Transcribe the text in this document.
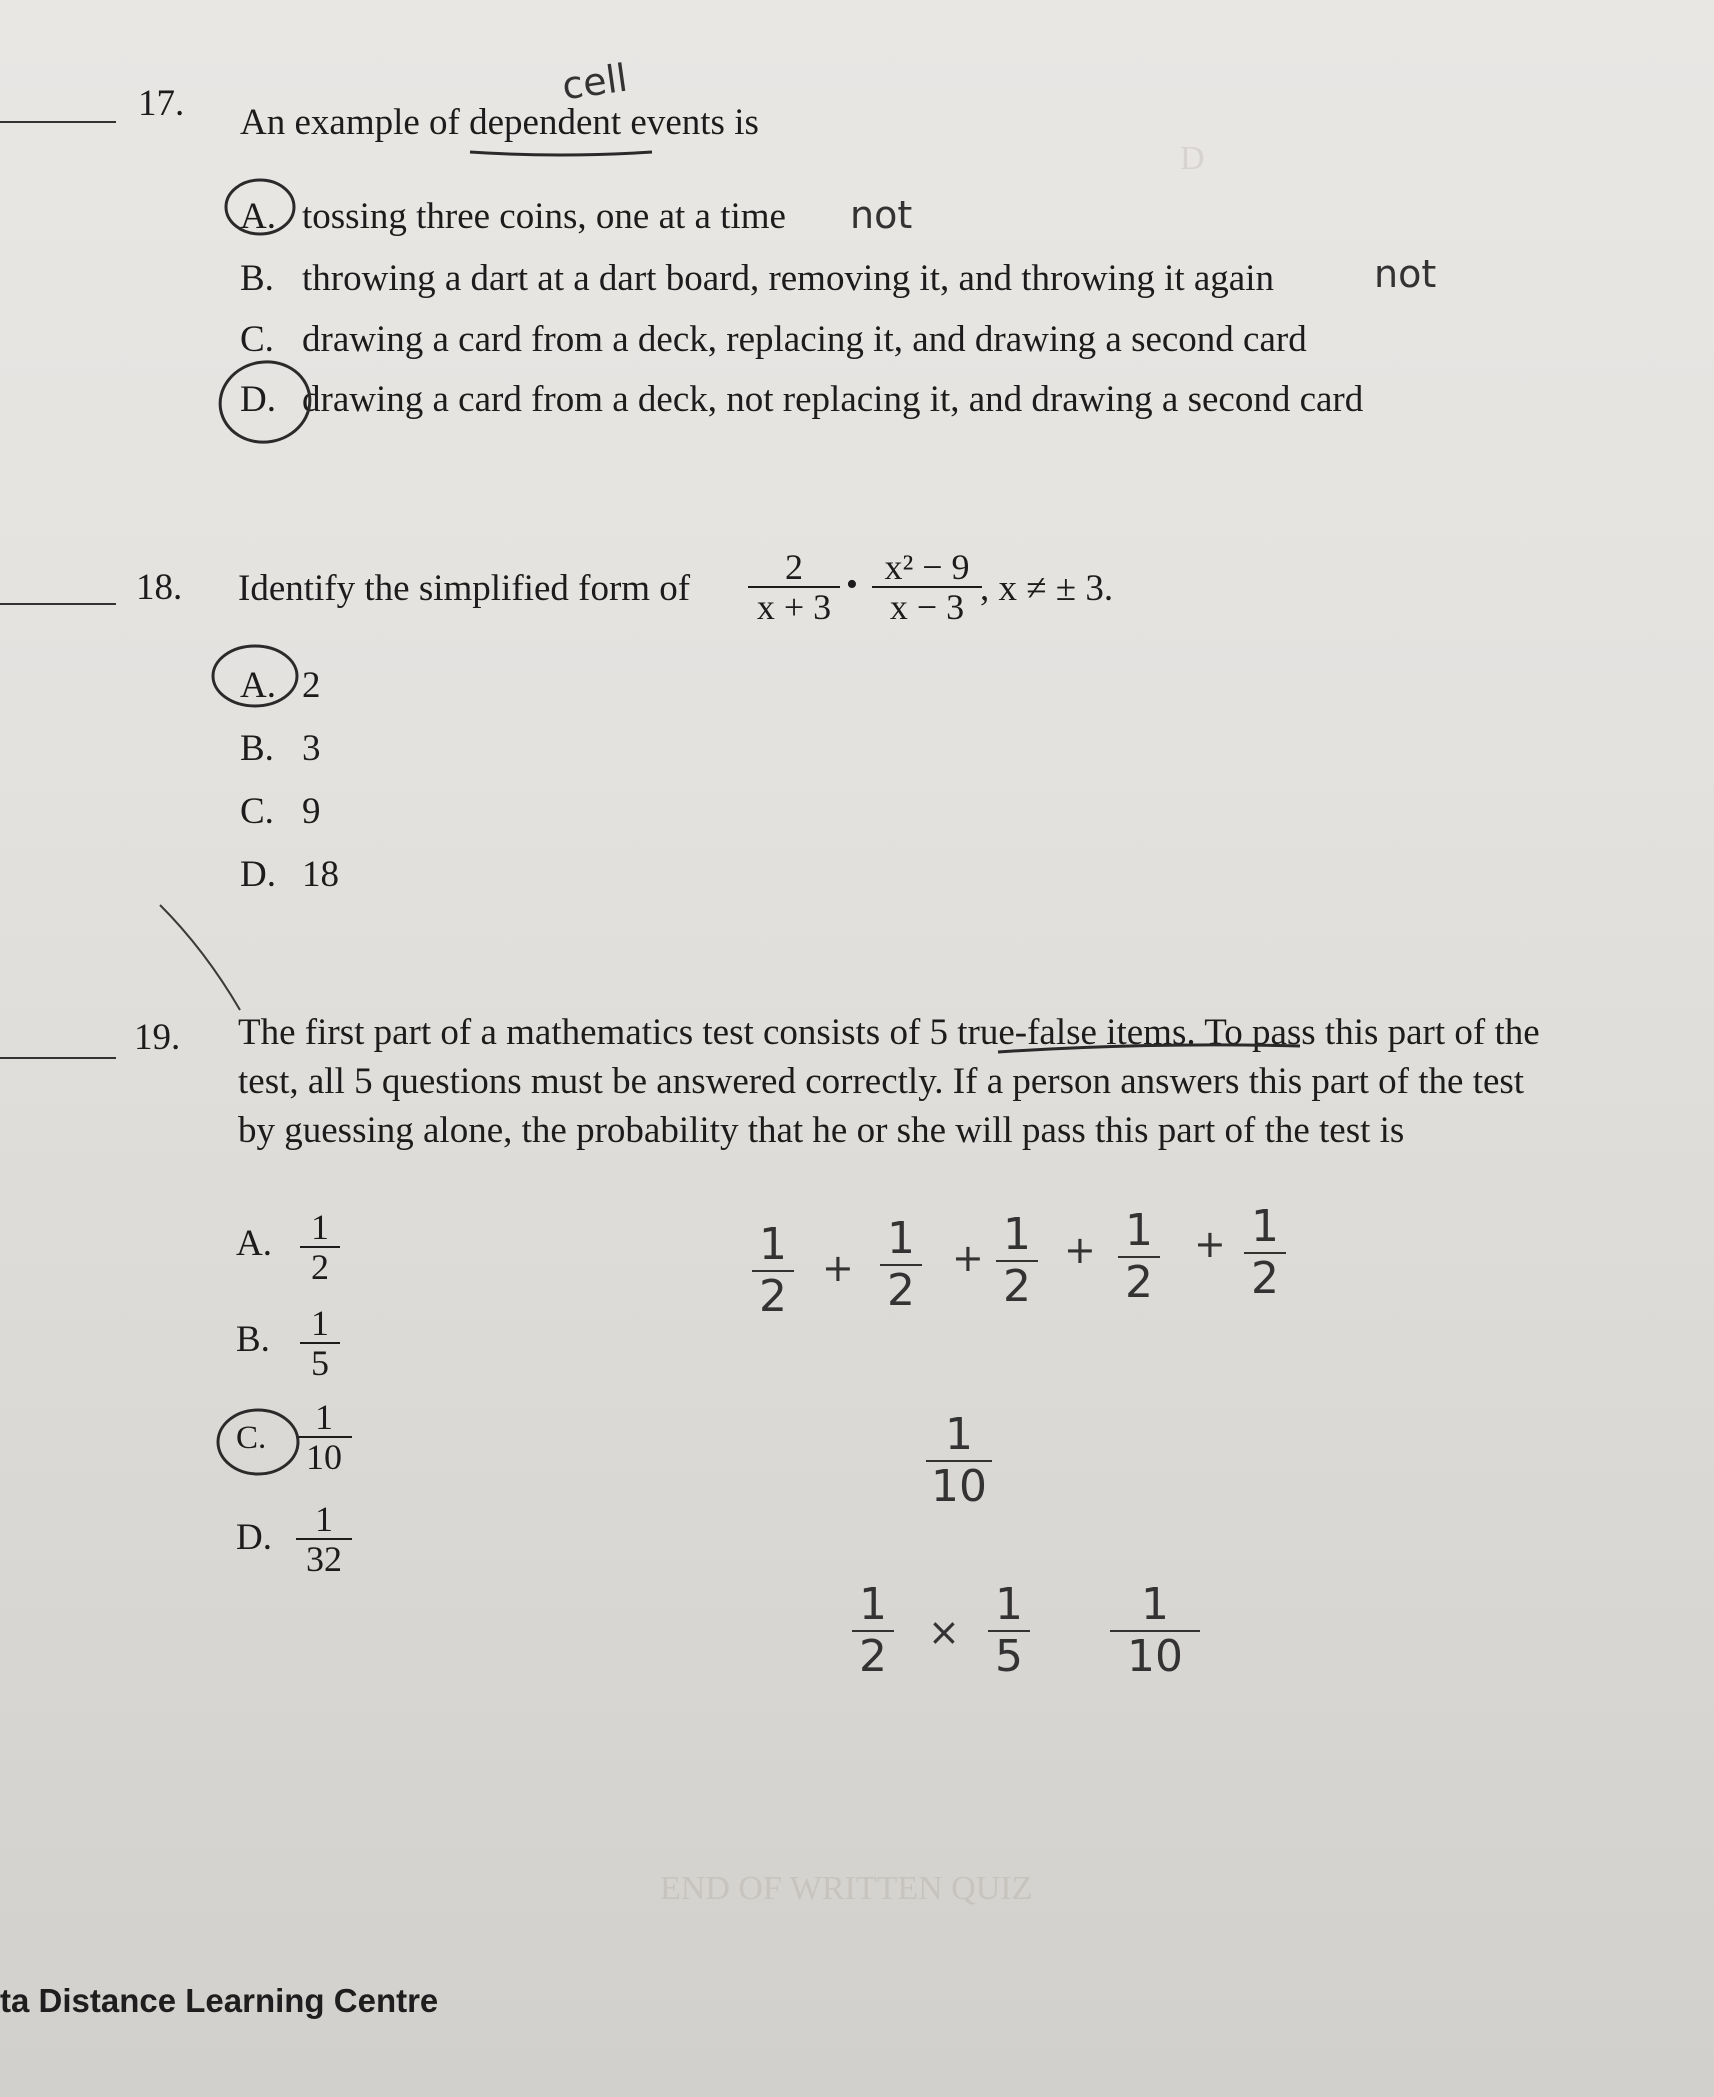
D
END OF WRITTEN QUIZ
17. An example of dependent events is
cell
A. tossing three coins, one at a time not
B. throwing a dart at a dart board, removing it, and throwing it again	not
C. drawing a card from a deck, replacing it, and drawing a second card
D. drawing a card from a deck, not replacing it, and drawing a second card
18. Identify the simplified form of
2
x + 3
• x² − 9
x − 3 , x ≠ ± 3.
A. 2
B. 3
C. 9
D. 18
19. The first part of a mathematics test consists of 5 true-false items. To pass this part of the
test, all 5 questions must be answered correctly. If a person answers this part of the test
by guessing alone, the probability that he or she will pass this part of the test is
A.	1
2
B.	1
5
C.
1
10
D.	1
32
1
2
+
1
2
+ 1
2
+ 1
2
+ 1
2
1
10
1
2 ×
1
5
1
10
ta Distance Learning Centre
